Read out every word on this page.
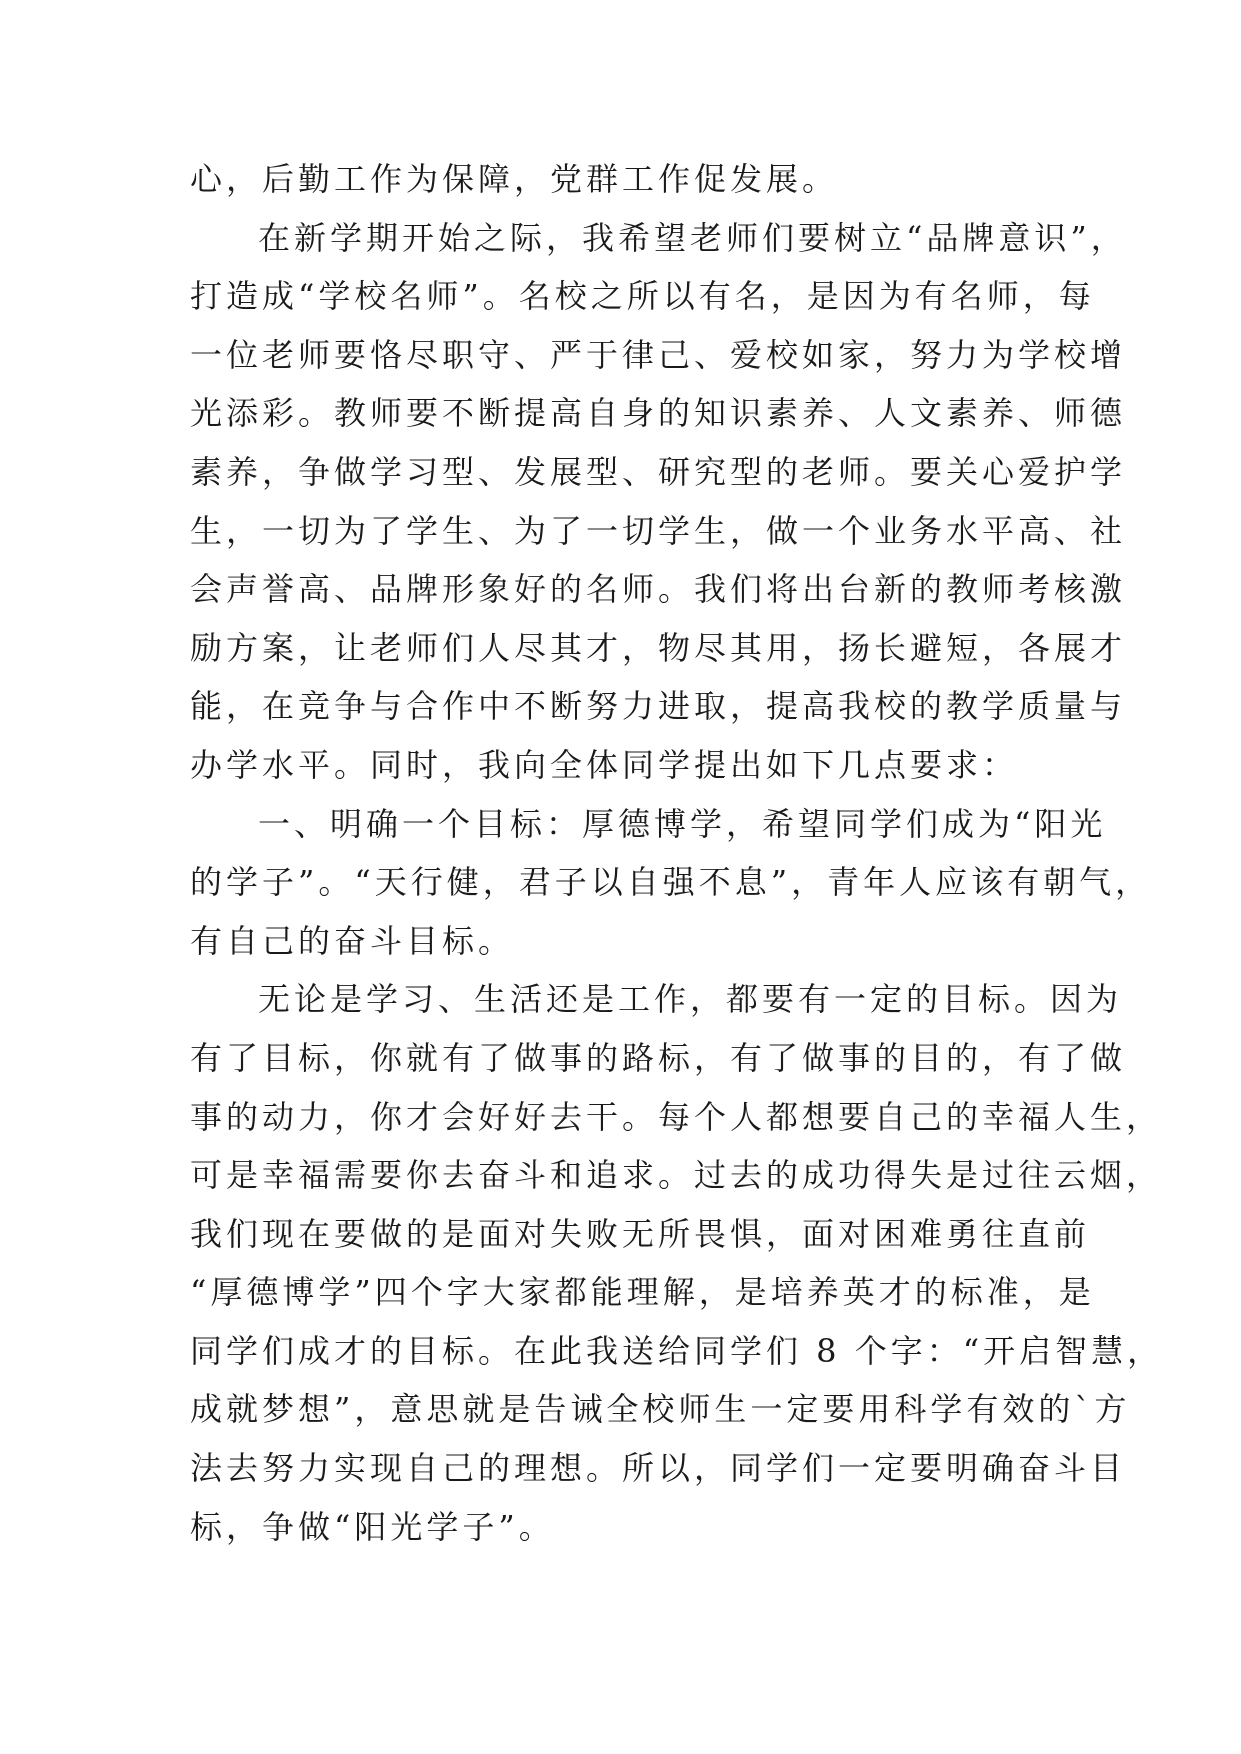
心，后勤工作为保障，党群工作促发展。
在新学期开始之际，我希望老师们要树立“品牌意识”，
打造成“学校名师”。名校之所以有名，是因为有名师，每
一位老师要恪尽职守、严于律己、爱校如家，努力为学校增
光添彩。教师要不断提高自身的知识素养、人文素养、师德
素养，争做学习型、发展型、研究型的老师。要关心爱护学
生，一切为了学生、为了一切学生，做一个业务水平高、社
会声誉高、品牌形象好的名师。我们将出台新的教师考核激
励方案，让老师们人尽其才，物尽其用，扬长避短，各展才
能，在竞争与合作中不断努力进取，提高我校的教学质量与
办学水平。同时，我向全体同学提出如下几点要求：
一、明确一个目标：厚德博学，希望同学们成为“阳光
的学子”。“天行健，君子以自强不息”，青年人应该有朝气，
有自己的奋斗目标。
无论是学习、生活还是工作，都要有一定的目标。因为
有了目标，你就有了做事的路标，有了做事的目的，有了做
事的动力，你才会好好去干。每个人都想要自己的幸福人生，
可是幸福需要你去奋斗和追求。过去的成功得失是过往云烟，
我们现在要做的是面对失败无所畏惧，面对困难勇往直前
“厚德博学”四个字大家都能理解，是培养英才的标准，是
同学们成才的目标。在此我送给同学们 8 个字：“开启智慧，
成就梦想”，意思就是告诫全校师生一定要用科学有效的`方
法去努力实现自己的理想。所以，同学们一定要明确奋斗目
标，争做“阳光学子”。
